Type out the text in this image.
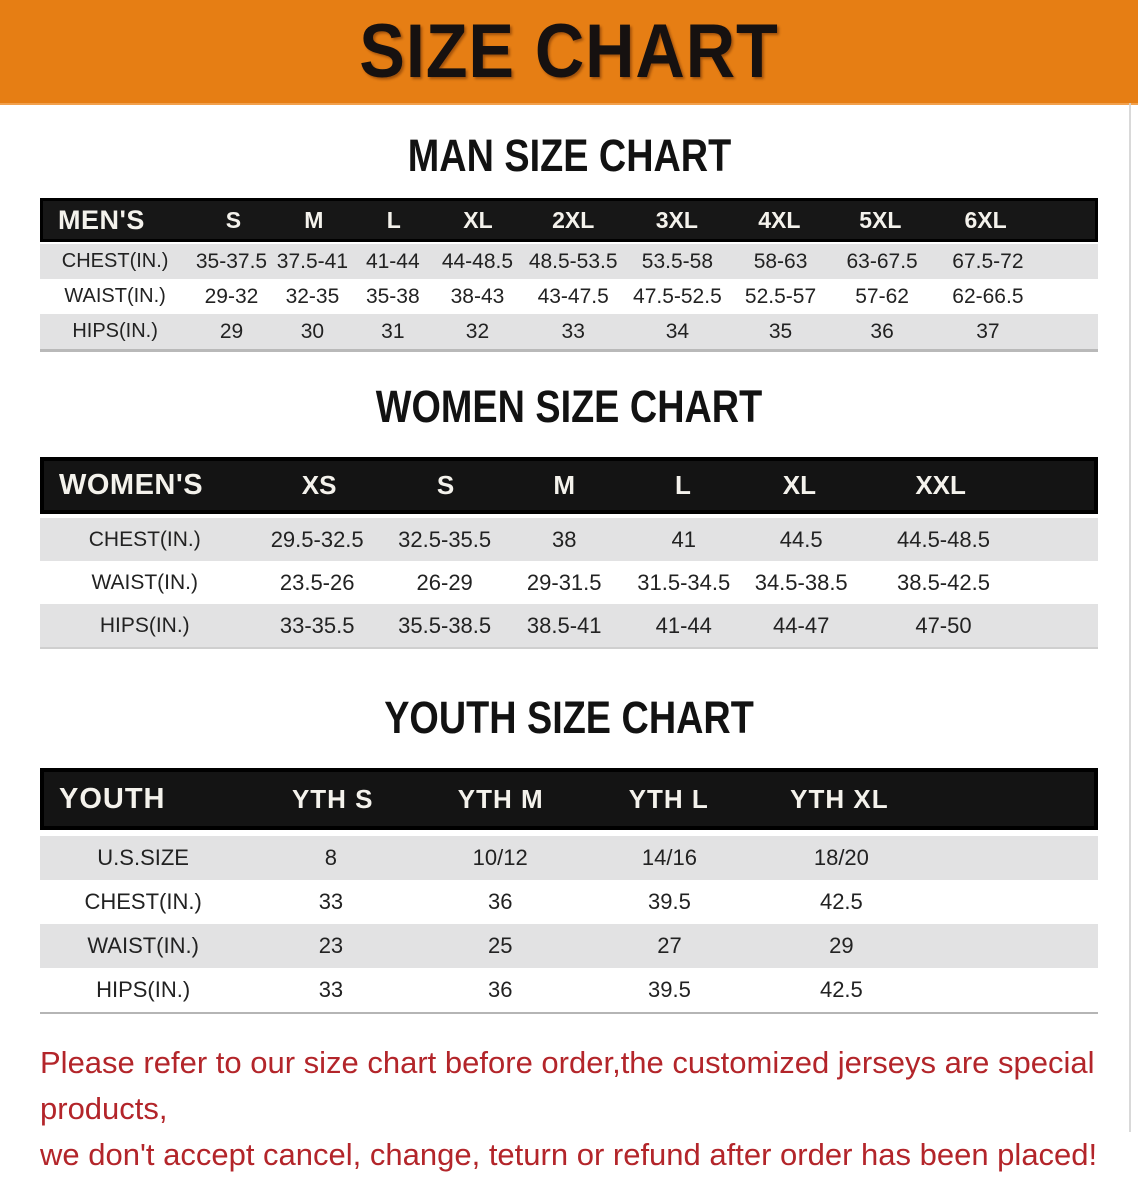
SIZE CHART
MAN SIZE CHART
MEN'S	S	M	L	XL	2XL	3XL	4XL	5XL	6XL
CHEST(IN.)	35-37.5 37.5-41 41-44	44-48.5 48.5-53.5	53.5-58	58-63	63-67.5	67.5-72
WAIST(IN.)	29-32	32-35	35-38	38-43	43-47.5	47.5-52.5	52.5-57	57-62	62-66.5
HIPS(IN.)	29	30	31	32	33	34	35	36	37
WOMEN SIZE CHART
WOMEN'S	XS	S	M	L	XL	XXL
CHEST(IN.)	29.5-32.5	32.5-35.5	38	41	44.5	44.5-48.5
WAIST(IN.)	23.5-26	26-29	29-31.5	31.5-34.5	34.5-38.5	38.5-42.5
HIPS(IN.)	33-35.5	35.5-38.5	38.5-41	41-44	44-47	47-50
YOUTH SIZE CHART
YOUTH	YTH S	YTH M	YTH L	YTH XL
U.S.SIZE	8	10/12	14/16	18/20
CHEST(IN.)	33	36	39.5	42.5
WAIST(IN.)	23	25	27	29
HIPS(IN.)	33	36	39.5	42.5

Please refer to our size chart before order,the customized jerseys are special products,
we don't accept cancel, change, teturn or refund after order has been placed!
